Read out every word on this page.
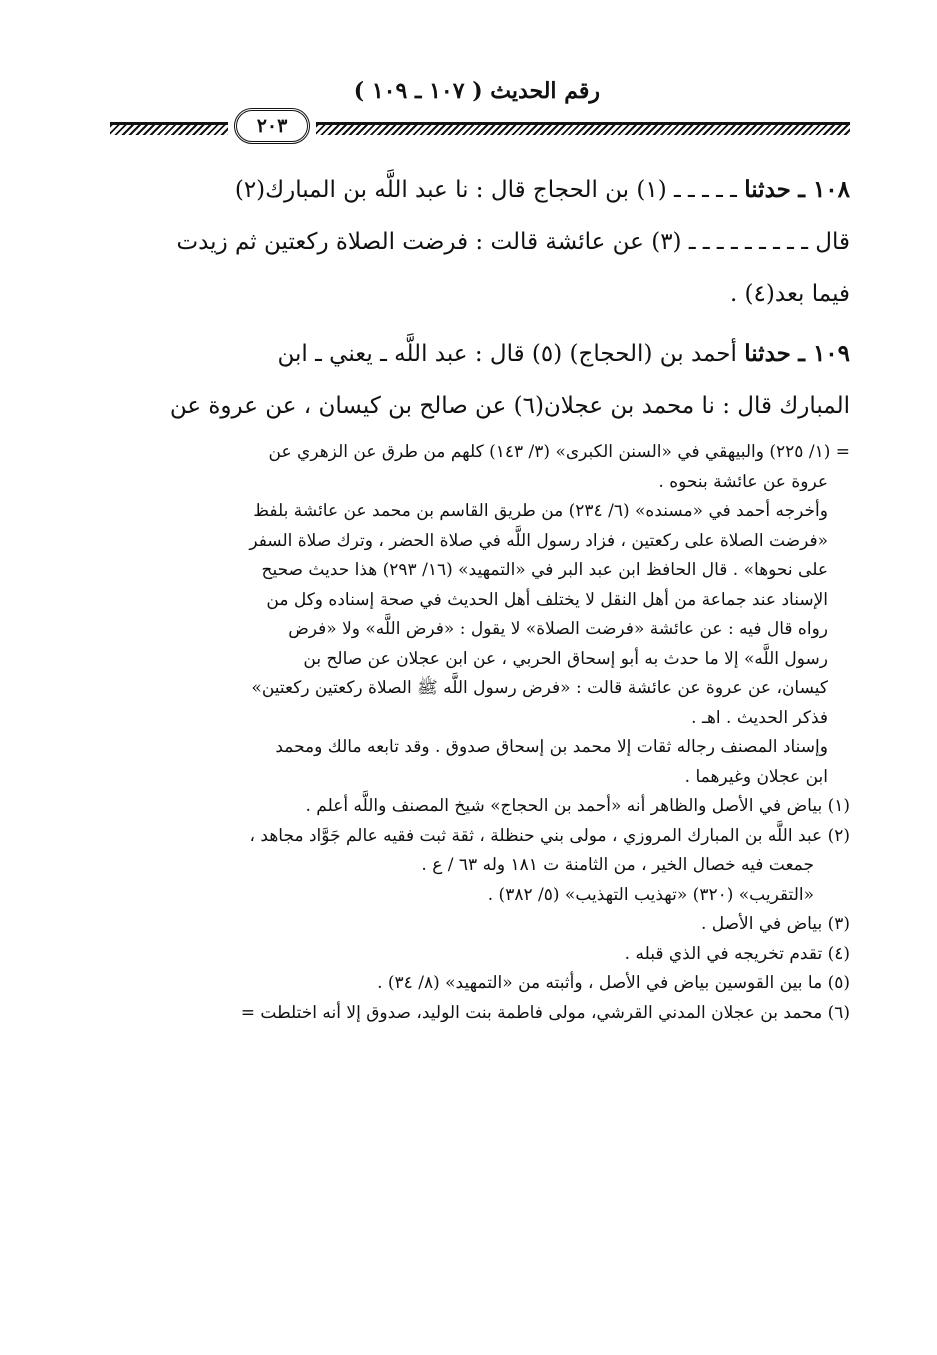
رقم الحديث ( ١٠٧ ـ ١٠٩ )
٢٠٣

١٠٨ ـ حدثنا ـ ـ ـ ـ ـ (١) بن الحجاج قال : نا عبد اللَّه بن المبارك(٢)

قال ـ ـ ـ ـ ـ ـ ـ ـ ـ (٣) عن عائشة قالت : فرضت الصلاة ركعتين ثم زيدت

فيما بعد(٤) .

١٠٩ ـ حدثنا أحمد بن (الحجاج) (٥) قال : عبد اللَّه ـ يعني ـ ابن

المبارك قال : نا محمد بن عجلان(٦) عن صالح بن كيسان ، عن عروة عن

= (١/ ٢٢٥) والبيهقي في «السنن الكبرى» (٣/ ١٤٣) كلهم من طرق عن الزهري عن

عروة عن عائشة بنحوه .

وأخرجه أحمد في «مسنده» (٦/ ٢٣٤) من طريق القاسم بن محمد عن عائشة بلفظ

«فرضت الصلاة على ركعتين ، فزاد رسول اللَّه في صلاة الحضر ، وترك صلاة السفر

على نحوها» . قال الحافظ ابن عبد البر في «التمهيد» (١٦/ ٢٩٣) هذا حديث صحيح

الإسناد عند جماعة من أهل النقل لا يختلف أهل الحديث في صحة إسناده وكل من

رواه قال فيه : عن عائشة «فرضت الصلاة» لا يقول : «فرض اللَّه» ولا «فرض

رسول اللَّه» إلا ما حدث به أبو إسحاق الحربي ، عن ابن عجلان عن صالح بن

كيسان، عن عروة عن عائشة قالت : «فرض رسول اللَّه ﷺ الصلاة ركعتين ركعتين»

فذكر الحديث . اهـ .

وإسناد المصنف رجاله ثقات إلا محمد بن إسحاق صدوق . وقد تابعه مالك ومحمد

ابن عجلان وغيرهما .

(١) بياض في الأصل والظاهر أنه «أحمد بن الحجاج» شيخ المصنف واللَّه أعلم .

(٢) عبد اللَّه بن المبارك المروزي ، مولى بني حنظلة ، ثقة ثبت فقيه عالم جَوَّاد مجاهد ،

جمعت فيه خصال الخير ، من الثامنة ت ١٨١ وله ٦٣ / ع .

«التقريب» (٣٢٠) «تهذيب التهذيب» (٥/ ٣٨٢) .

(٣) بياض في الأصل .

(٤) تقدم تخريجه في الذي قبله .

(٥) ما بين القوسين بياض في الأصل ، وأثبته من «التمهيد» (٨/ ٣٤) .

(٦) محمد بن عجلان المدني القرشي، مولى فاطمة بنت الوليد، صدوق إلا أنه اختلطت =
